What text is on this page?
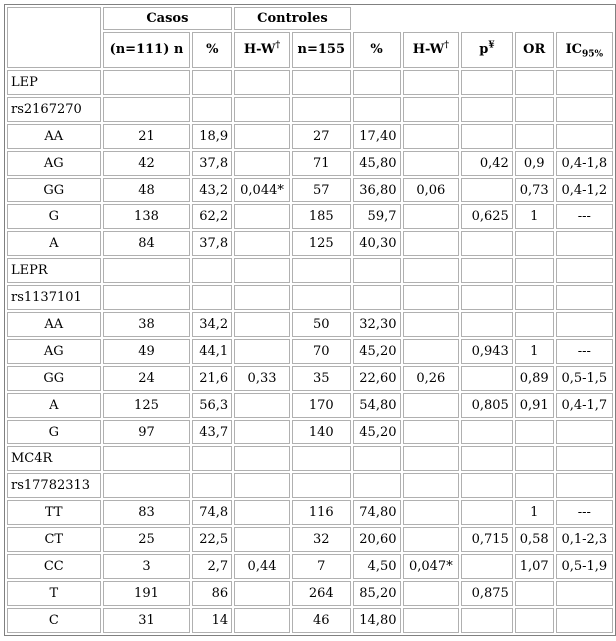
	Casos		Controles						
	(n=111) n	%	H-W†	n=155	%	H-W†	p¥	OR	$IC_{95\%}$
LEP									
rs2167270									
AA	21	18,9		27	17,40				
AG	42	37,8		71	45,80		0,42	0,9	0,4-1,8
GG	48	43,2	0,044*	57	36,80	0,06		0,73	0,4-1,2
G	138	62,2		185	59,7		0,625	1	---
A	84	37,8		125	40,30				
LEPR									
rs1137101									
AA	38	34,2		50	32,30				
AG	49	44,1		70	45,20		0,943	1	---
GG	24	21,6	0,33	35	22,60	0,26		0,89	0,5-1,5
A	125	56,3		170	54,80		0,805	0,91	0,4-1,7
G	97	43,7		140	45,20				
MC4R									
rs17782313									
TT	83	74,8		116	74,80			1	---
CT	25	22,5		32	20,60		0,715	0,58	0,1-2,3
CC	3	2,7	0,44	7	4,50	0,047*		1,07	0,5-1,9
T	191	86		264	85,20		0,875		
C	31	14		46	14,80				
